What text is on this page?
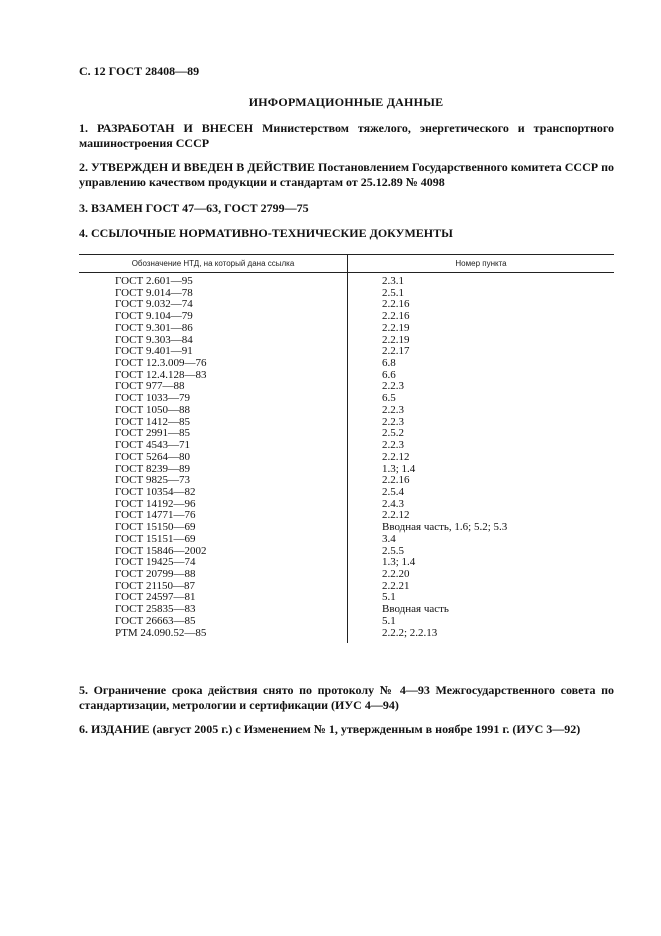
С. 12 ГОСТ 28408—89
ИНФОРМАЦИОННЫЕ ДАННЫЕ
1. РАЗРАБОТАН И ВНЕСЕН Министерством тяжелого, энергетического и транспортного машиностроения СССР
2. УТВЕРЖДЕН И ВВЕДЕН В ДЕЙСТВИЕ Постановлением Государственного комитета СССР по управлению качеством продукции и стандартам от 25.12.89 № 4098
3. ВЗАМЕН ГОСТ 47—63, ГОСТ 2799—75
4. ССЫЛОЧНЫЕ НОРМАТИВНО-ТЕХНИЧЕСКИЕ ДОКУМЕНТЫ
Обозначение НТД, на который дана ссылка	Номер пункта
ГОСТ 2.601—95	2.3.1
ГОСТ 9.014—78	2.5.1
ГОСТ 9.032—74	2.2.16
ГОСТ 9.104—79	2.2.16
ГОСТ 9.301—86	2.2.19
ГОСТ 9.303—84	2.2.19
ГОСТ 9.401—91	2.2.17
ГОСТ 12.3.009—76	6.8
ГОСТ 12.4.128—83	6.6
ГОСТ 977—88	2.2.3
ГОСТ 1033—79	6.5
ГОСТ 1050—88	2.2.3
ГОСТ 1412—85	2.2.3
ГОСТ 2991—85	2.5.2
ГОСТ 4543—71	2.2.3
ГОСТ 5264—80	2.2.12
ГОСТ 8239—89	1.3; 1.4
ГОСТ 9825—73	2.2.16
ГОСТ 10354—82	2.5.4
ГОСТ 14192—96	2.4.3
ГОСТ 14771—76	2.2.12
ГОСТ 15150—69	Вводная часть, 1.6; 5.2; 5.3
ГОСТ 15151—69	3.4
ГОСТ 15846—2002	2.5.5
ГОСТ 19425—74	1.3; 1.4
ГОСТ 20799—88	2.2.20
ГОСТ 21150—87	2.2.21
ГОСТ 24597—81	5.1
ГОСТ 25835—83	Вводная часть
ГОСТ 26663—85	5.1
РТМ 24.090.52—85	2.2.2; 2.2.13
5. Ограничение срока действия снято по протоколу № 4—93 Межгосударственного совета по стандартизации, метрологии и сертификации (ИУС 4—94)
6. ИЗДАНИЕ (август 2005 г.) с Изменением № 1, утвержденным в ноябре 1991 г. (ИУС 3—92)
